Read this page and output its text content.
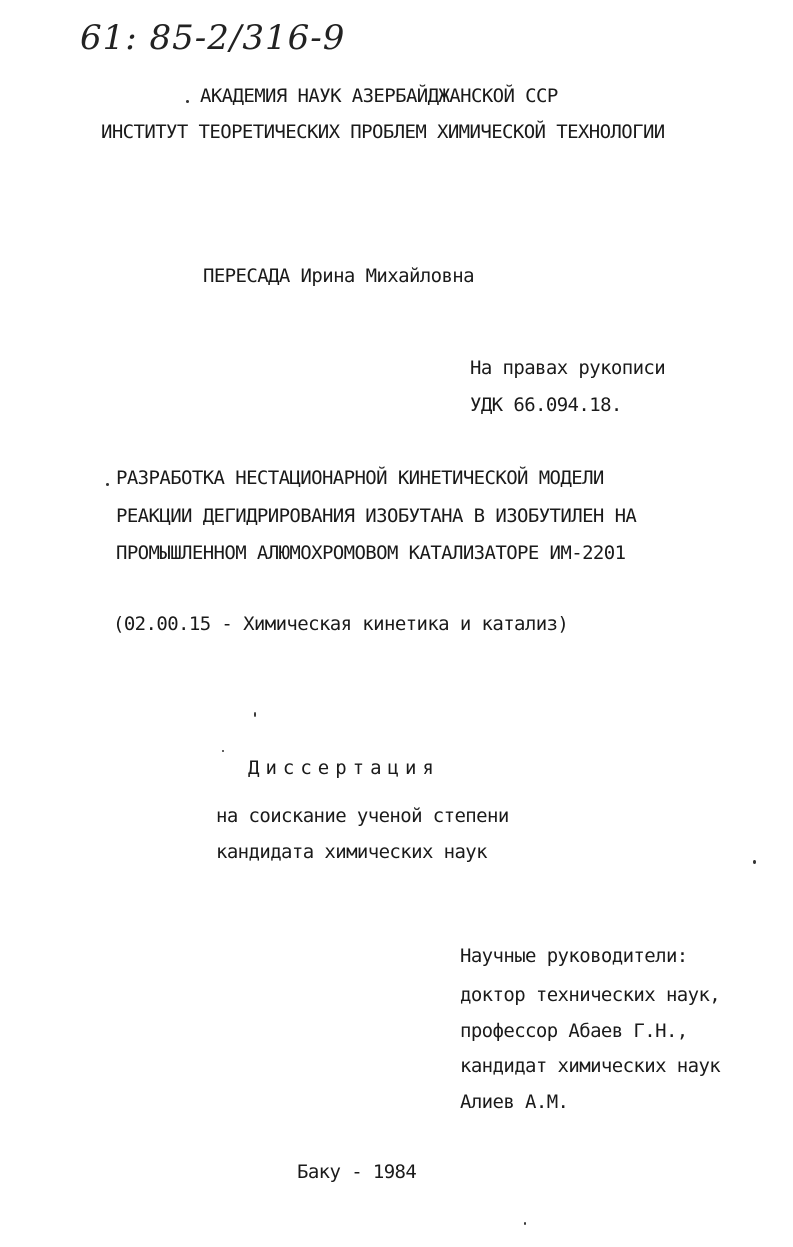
61: 85-2/316-9
АКАДЕМИЯ НАУК АЗЕРБАЙДЖАНСКОЙ ССР
ИНСТИТУТ ТЕОРЕТИЧЕСКИХ ПРОБЛЕМ ХИМИЧЕСКОЙ ТЕХНОЛОГИИ
ПЕРЕСАДА Ирина Михайловна
На правах рукописи
УДК 66.094.18.
РАЗРАБОТКА НЕСТАЦИОНАРНОЙ КИНЕТИЧЕСКОЙ МОДЕЛИ
РЕАКЦИИ ДЕГИДРИРОВАНИЯ ИЗОБУТАНА В ИЗОБУТИЛЕН НА
ПРОМЫШЛЕННОМ АЛЮМОХРОМОВОМ КАТАЛИЗАТОРЕ ИМ-2201
(02.00.15 - Химическая кинетика и катализ)
Диссертация
на соискание ученой степени
кандидата химических наук
Научные руководители:
доктор технических наук,
профессор Абаев Г.Н.,
кандидат химических наук
Алиев А.М.
Баку - 1984
